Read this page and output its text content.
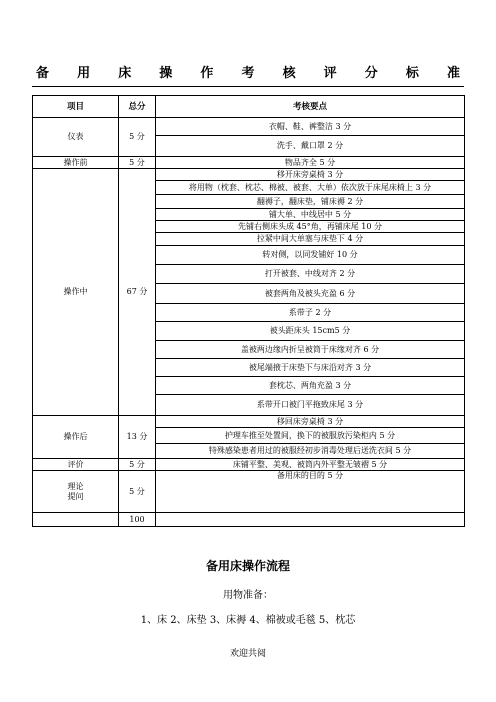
备 用 床 操 作 考 核 评 分 标 准
项目	总分	考核要点
仪表	5 分	衣帽、鞋、裤整洁 3 分
		洗手、戴口罩 2 分
操作前	5 分	物品齐全 5 分
操作中	67 分	移开床旁桌椅 3 分
		将用物（枕套、枕芯、棉被、被套、大单）依次放于床尾床椅上 3 分
		翻褥子，翻床垫，铺床褥 2 分
		铺大单、中线居中 5 分
		先铺右侧床头成 45°角，再铺床尾 10 分
		拉紧中间大单塞与床垫下 4 分
		转对侧，以同发铺好 10 分
		打开被套、中线对齐 2 分
		被套两角及被头充盈 6 分
		系带子 2 分
		被头距床头 15cm5 分
		盖被两边缘内折呈被筒于床缘对齐 6 分
		被尾端掖于床垫下与床沿对齐 3 分
		套枕芯、两角充盈 3 分
		系带开口被门平拖致床尾 3 分
操作后	13 分	移回床旁桌椅 3 分
		护理车推至处置间，换下的被服放污染柜内 5 分
		特殊感染患者用过的被服经初步消毒处理后送洗衣间 5 分
评价	5 分	床铺平整、美观、被筒内外平整无皱褶 5 分
理论
提问	5 分	备用床的目的 5 分
	100	
备用床操作流程
用物准备：
1、床 2、床垫 3、床褥 4、棉被或毛毯 5、枕芯
欢迎共阅
